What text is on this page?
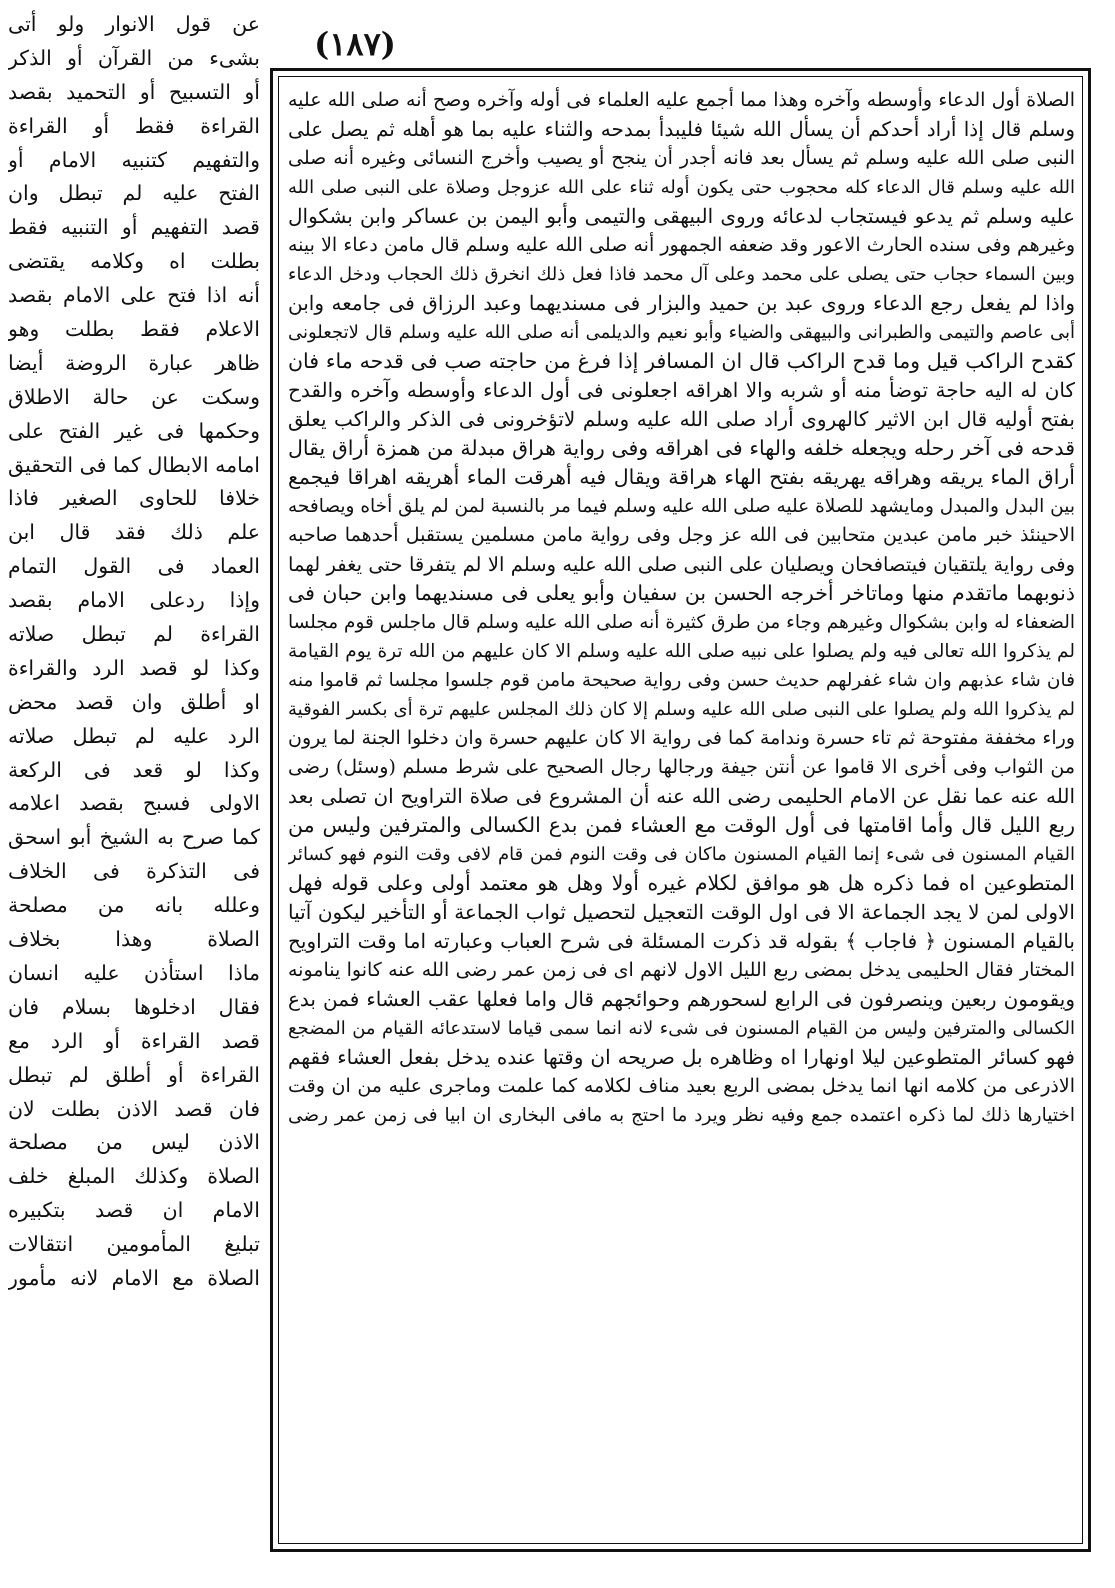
(١٨٧)
عن قول الانوار ولو أتى
بشىء من القرآن أو الذكر
أو التسبيح أو التحميد بقصد
القراءة فقط أو القراءة
والتفهيم كتنبيه الامام أو
الفتح عليه لم تبطل وان
قصد التفهيم أو التنبيه فقط
بطلت اه وكلامه يقتضى
أنه اذا فتح على الامام بقصد
الاعلام فقط بطلت وهو
ظاهر عبارة الروضة أيضا
وسكت عن حالة الاطلاق
وحكمها فى غير الفتح على
امامه الابطال كما فى التحقيق
خلافا للحاوى الصغير فاذا
علم ذلك فقد قال ابن
العماد فى القول التمام
وإذا ردعلى الامام بقصد
القراءة لم تبطل صلاته
وكذا لو قصد الرد والقراءة
او أطلق وان قصد محض
الرد عليه لم تبطل صلاته
وكذا لو قعد فى الركعة
الاولى فسبح بقصد اعلامه
كما صرح به الشيخ أبو اسحق
فى التذكرة فى الخلاف
وعلله بانه من مصلحة
الصلاة وهذا بخلاف
ماذا استأذن عليه انسان
فقال ادخلوها بسلام فان
قصد القراءة أو الرد مع
القراءة أو أطلق لم تبطل
فان قصد الاذن بطلت لان
الاذن ليس من مصلحة
الصلاة وكذلك المبلغ خلف
الامام ان قصد بتكبيره
تبليغ المأمومين انتقالات
الصلاة مع الامام لانه مأمور
الصلاة أول الدعاء وأوسطه وآخره وهذا مما أجمع عليه العلماء فى أوله وآخره وصح أنه صلى الله عليه
وسلم قال إذا أراد أحدكم أن يسأل الله شيئا فليبدأ بمدحه والثناء عليه بما هو أهله ثم يصل على
النبى صلى الله عليه وسلم ثم يسأل بعد فانه أجدر أن ينجح أو يصيب وأخرج النسائى وغيره أنه صلى
الله عليه وسلم قال الدعاء كله محجوب حتى يكون أوله ثناء على الله عزوجل وصلاة على النبى صلى الله
عليه وسلم ثم يدعو فيستجاب لدعائه وروى البيهقى والتيمى وأبو اليمن بن عساكر وابن بشكوال
وغيرهم وفى سنده الحارث الاعور وقد ضعفه الجمهور أنه صلى الله عليه وسلم قال مامن دعاء الا بينه
وبين السماء حجاب حتى يصلى على محمد وعلى آل محمد فاذا فعل ذلك انخرق ذلك الحجاب ودخل الدعاء
واذا لم يفعل رجع الدعاء وروى عبد بن حميد والبزار فى مسنديهما وعبد الرزاق فى جامعه وابن
أبى عاصم والتيمى والطبرانى والبيهقى والضياء وأبو نعيم والديلمى أنه صلى الله عليه وسلم قال لاتجعلونى
كقدح الراكب قيل وما قدح الراكب قال ان المسافر إذا فرغ من حاجته صب فى قدحه ماء فان
كان له اليه حاجة توضأ منه أو شربه والا اهراقه اجعلونى فى أول الدعاء وأوسطه وآخره والقدح
بفتح أوليه قال ابن الاثير كالهروى أراد صلى الله عليه وسلم لاتؤخرونى فى الذكر والراكب يعلق
قدحه فى آخر رحله ويجعله خلفه والهاء فى اهراقه وفى رواية هراق مبدلة من همزة أراق يقال
أراق الماء يريقه وهراقه يهريقه بفتح الهاء هراقة ويقال فيه أهرقت الماء أهريقه اهراقا فيجمع
بين البدل والمبدل ومايشهد للصلاة عليه صلى الله عليه وسلم فيما مر بالنسبة لمن لم يلق أخاه ويصافحه
الاحينئذ خبر مامن عبدين متحابين فى الله عز وجل وفى رواية مامن مسلمين يستقبل أحدهما صاحبه
وفى رواية يلتقيان فيتصافحان ويصليان على النبى صلى الله عليه وسلم الا لم يتفرقا حتى يغفر لهما
ذنوبهما ماتقدم منها وماتاخر أخرجه الحسن بن سفيان وأبو يعلى فى مسنديهما وابن حبان فى
الضعفاء له وابن بشكوال وغيرهم وجاء من طرق كثيرة أنه صلى الله عليه وسلم قال ماجلس قوم مجلسا
لم يذكروا الله تعالى فيه ولم يصلوا على نبيه صلى الله عليه وسلم الا كان عليهم من الله ترة يوم القيامة
فان شاء عذبهم وان شاء غفرلهم حديث حسن وفى رواية صحيحة مامن قوم جلسوا مجلسا ثم قاموا منه
لم يذكروا الله ولم يصلوا على النبى صلى الله عليه وسلم إلا كان ذلك المجلس عليهم ترة أى بكسر الفوقية
وراء مخففة مفتوحة ثم تاء حسرة وندامة كما فى رواية الا كان عليهم حسرة وان دخلوا الجنة لما يرون
من الثواب وفى أخرى الا قاموا عن أنتن جيفة ورجالها رجال الصحيح على شرط مسلم (وسئل) رضى
الله عنه عما نقل عن الامام الحليمى رضى الله عنه أن المشروع فى صلاة التراويح ان تصلى بعد
ربع الليل قال وأما اقامتها فى أول الوقت مع العشاء فمن بدع الكسالى والمترفين وليس من
القيام المسنون فى شىء إنما القيام المسنون ماكان فى وقت النوم فمن قام لافى وقت النوم فهو كسائر
المتطوعين اه فما ذكره هل هو موافق لكلام غيره أولا وهل هو معتمد أولى وعلى قوله فهل
الاولى لمن لا يجد الجماعة الا فى اول الوقت التعجيل لتحصيل ثواب الجماعة أو التأخير ليكون آتيا
بالقيام المسنون ﴿ فاجاب ﴾ بقوله قد ذكرت المسئلة فى شرح العباب وعبارته اما وقت التراويح
المختار فقال الحليمى يدخل بمضى ربع الليل الاول لانهم اى فى زمن عمر رضى الله عنه كانوا ينامونه
ويقومون ربعين وينصرفون فى الرابع لسحورهم وحوائجهم قال واما فعلها عقب العشاء فمن بدع
الكسالى والمترفين وليس من القيام المسنون فى شىء لانه انما سمى قياما لاستدعائه القيام من المضجع
فهو كسائر المتطوعين ليلا اونهارا اه وظاهره بل صريحه ان وقتها عنده يدخل بفعل العشاء فقهم
الاذرعى من كلامه انها انما يدخل بمضى الربع بعيد مناف لكلامه كما علمت وماجرى عليه من ان وقت
اختيارها ذلك لما ذكره اعتمده جمع وفيه نظر ويرد ما احتج به مافى البخارى ان ابيا فى زمن عمر رضى
